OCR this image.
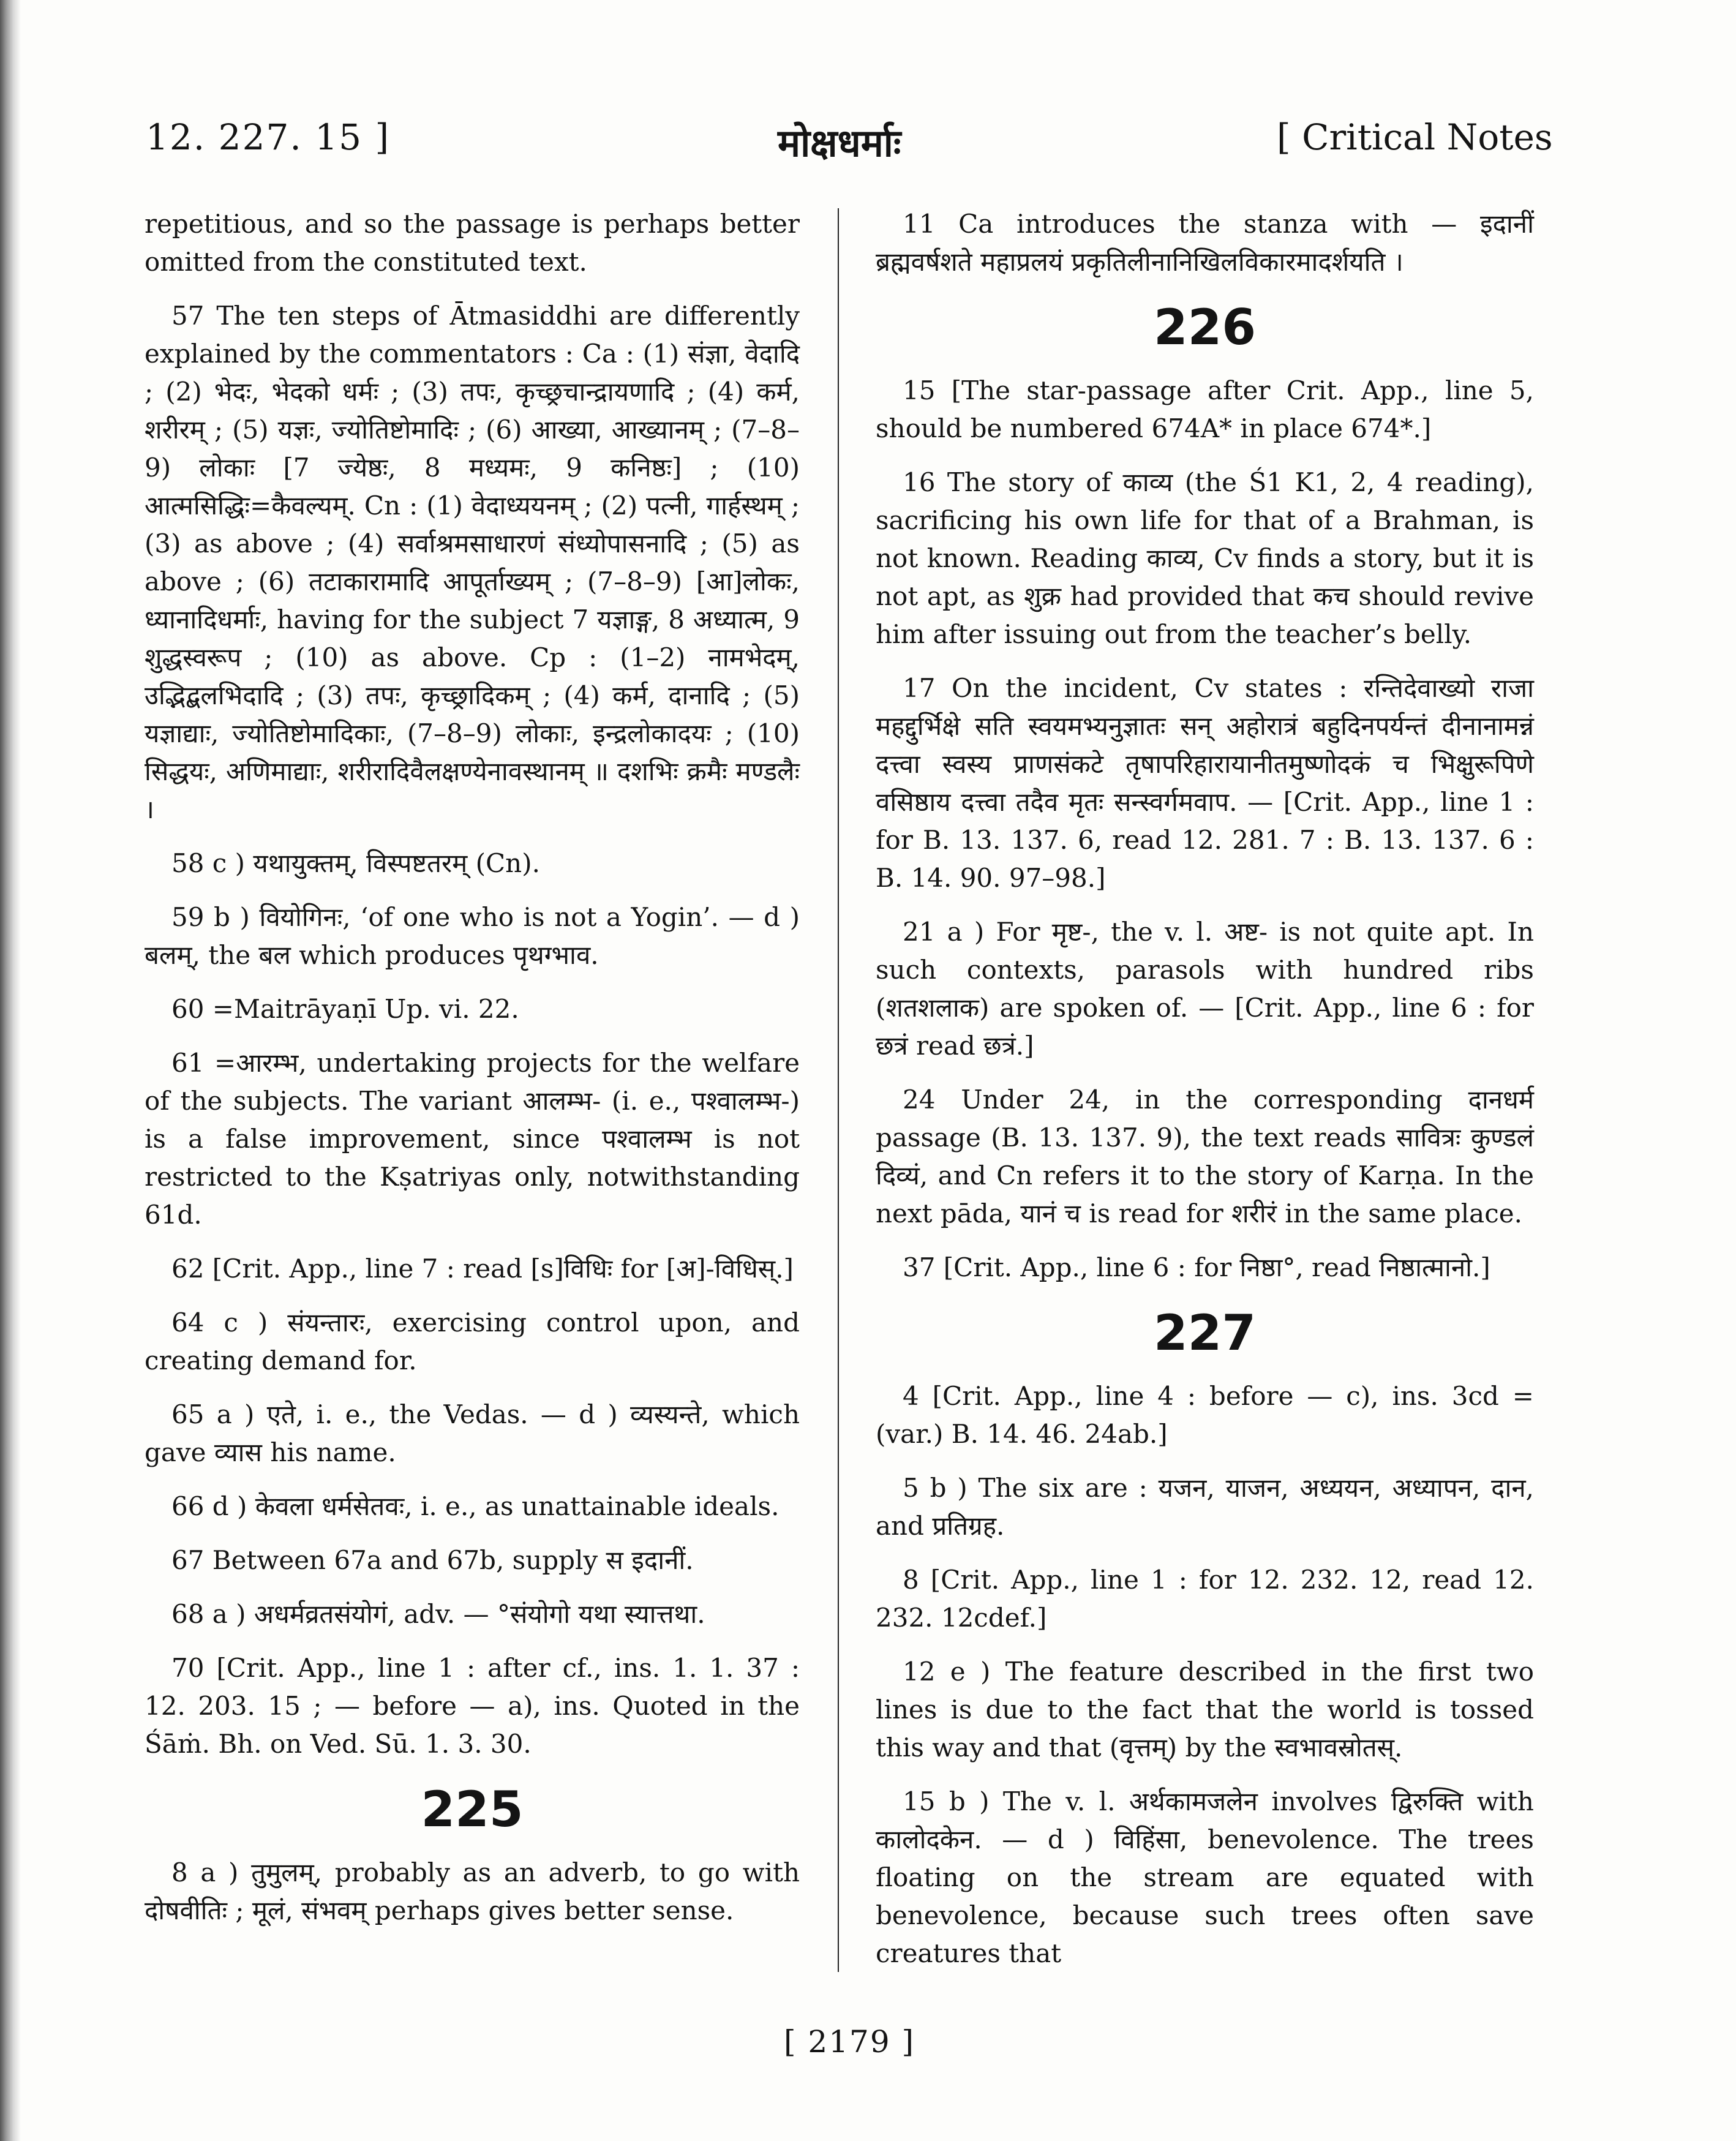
12. 227. 15 ]	मोक्षधर्माः	[ Critical Notes
repetitious, and so the passage is perhaps better omitted from the constituted text.
57 The ten steps of Ātmasiddhi are differently explained by the commentators : Ca : (1) संज्ञा, वेदादि ; (2) भेदः, भेदको धर्मः ; (3) तपः, कृच्छ्रचान्द्रायणादि ; (4) कर्म, शरीरम् ; (5) यज्ञः, ज्योतिष्टोमादिः ; (6) आख्या, आख्यानम् ; (7–8–9) लोकाः [7 ज्येष्ठः, 8 मध्यमः, 9 कनिष्ठः] ; (10) आत्मसिद्धिः=कैवल्यम्. Cn : (1) वेदाध्ययनम् ; (2) पत्नी, गार्हस्थम् ; (3) as above ; (4) सर्वाश्रमसाधारणं संध्योपासनादि ; (5) as above ; (6) तटाकारामादि आपूर्ताख्यम् ; (7–8–9) [आ]लोकः, ध्यानादिधर्माः, having for the subject 7 यज्ञाङ्ग, 8 अध्यात्म, 9 शुद्धस्वरूप ; (10) as above. Cp : (1–2) नामभेदम्, उद्भिद्बलभिदादि ; (3) तपः, कृच्छ्रादिकम् ; (4) कर्म, दानादि ; (5) यज्ञाद्याः, ज्योतिष्टोमादिकाः, (7–8–9) लोकाः, इन्द्रलोकादयः ; (10) सिद्धयः, अणिमाद्याः, शरीरादिवैलक्षण्येनावस्थानम् ॥ दशभिः क्रमैः मण्डलैः ।
58 c ) यथायुक्तम्, विस्पष्टतरम् (Cn).
59 b ) वियोगिनः, ‘of one who is not a Yogin’. — d ) बलम्, the बल which produces पृथग्भाव.
60 =Maitrāyaṇī Up. vi. 22.
61 =आरम्भ, undertaking projects for the welfare of the subjects. The variant आलम्भ- (i. e., पश्वालम्भ-) is a false improvement, since पश्वालम्भ is not restricted to the Kṣatriyas only, notwithstanding 61d.
62 [Crit. App., line 7 : read [s]विधिः for [अ]-विधिस्.]
64 c ) संयन्तारः, exercising control upon, and creating demand for.
65 a ) एते, i. e., the Vedas. — d ) व्यस्यन्ते, which gave व्यास his name.
66 d ) केवला धर्मसेतवः, i. e., as unattainable ideals.
67 Between 67a and 67b, supply स इदानीं.
68 a ) अधर्मव्रतसंयोगं, adv. — °संयोगो यथा स्यात्तथा.
70 [Crit. App., line 1 : after cf., ins. 1. 1. 37 : 12. 203. 15 ; — before — a), ins. Quoted in the Śāṁ. Bh. on Ved. Sū. 1. 3. 30.
225
8 a ) तुमुलम्, probably as an adverb, to go with दोषवीतिः ; मूलं, संभवम् perhaps gives better sense.
11 Ca introduces the stanza with — इदानीं ब्रह्मवर्षशते महाप्रलयं प्रकृतिलीनानिखिलविकारमादर्शयति ।
226
15 [The star-passage after Crit. App., line 5, should be numbered 674A* in place 674*.]
16 The story of काव्य (the Ś1 K1, 2, 4 reading), sacrificing his own life for that of a Brahman, is not known. Reading काव्य, Cv finds a story, but it is not apt, as शुक्र had provided that कच should revive him after issuing out from the teacher’s belly.
17 On the incident, Cv states : रन्तिदेवाख्यो राजा महद्दुर्भिक्षे सति स्वयमभ्यनुज्ञातः सन् अहोरात्रं बहुदिनपर्यन्तं दीनानामन्नं दत्त्वा स्वस्य प्राणसंकटे तृषापरिहारायानीतमुष्णोदकं च भिक्षुरूपिणे वसिष्ठाय दत्त्वा तदैव मृतः सन्स्वर्गमवाप. — [Crit. App., line 1 : for B. 13. 137. 6, read 12. 281. 7 : B. 13. 137. 6 : B. 14. 90. 97–98.]
21 a ) For मृष्ट-, the v. l. अष्ट- is not quite apt. In such contexts, parasols with hundred ribs (शतशलाक) are spoken of. — [Crit. App., line 6 : for छत्रं read छत्रं.]
24 Under 24, in the corresponding दानधर्म passage (B. 13. 137. 9), the text reads सावित्रः कुण्डलं दिव्यं, and Cn refers it to the story of Karṇa. In the next pāda, यानं च is read for शरीरं in the same place.
37 [Crit. App., line 6 : for निष्ठा°, read निष्ठात्मानो.]
227
4 [Crit. App., line 4 : before — c), ins. 3cd = (var.) B. 14. 46. 24ab.]
5 b ) The six are : यजन, याजन, अध्ययन, अध्यापन, दान, and प्रतिग्रह.
8 [Crit. App., line 1 : for 12. 232. 12, read 12. 232. 12cdef.]
12 e ) The feature described in the first two lines is due to the fact that the world is tossed this way and that (वृत्तम्) by the स्वभावस्रोतस्.
15 b ) The v. l. अर्थकामजलेन involves द्विरुक्ति with कालोदकेन. — d ) विहिंसा, benevolence. The trees floating on the stream are equated with benevolence, because such trees often save creatures that
[ 2179 ]
